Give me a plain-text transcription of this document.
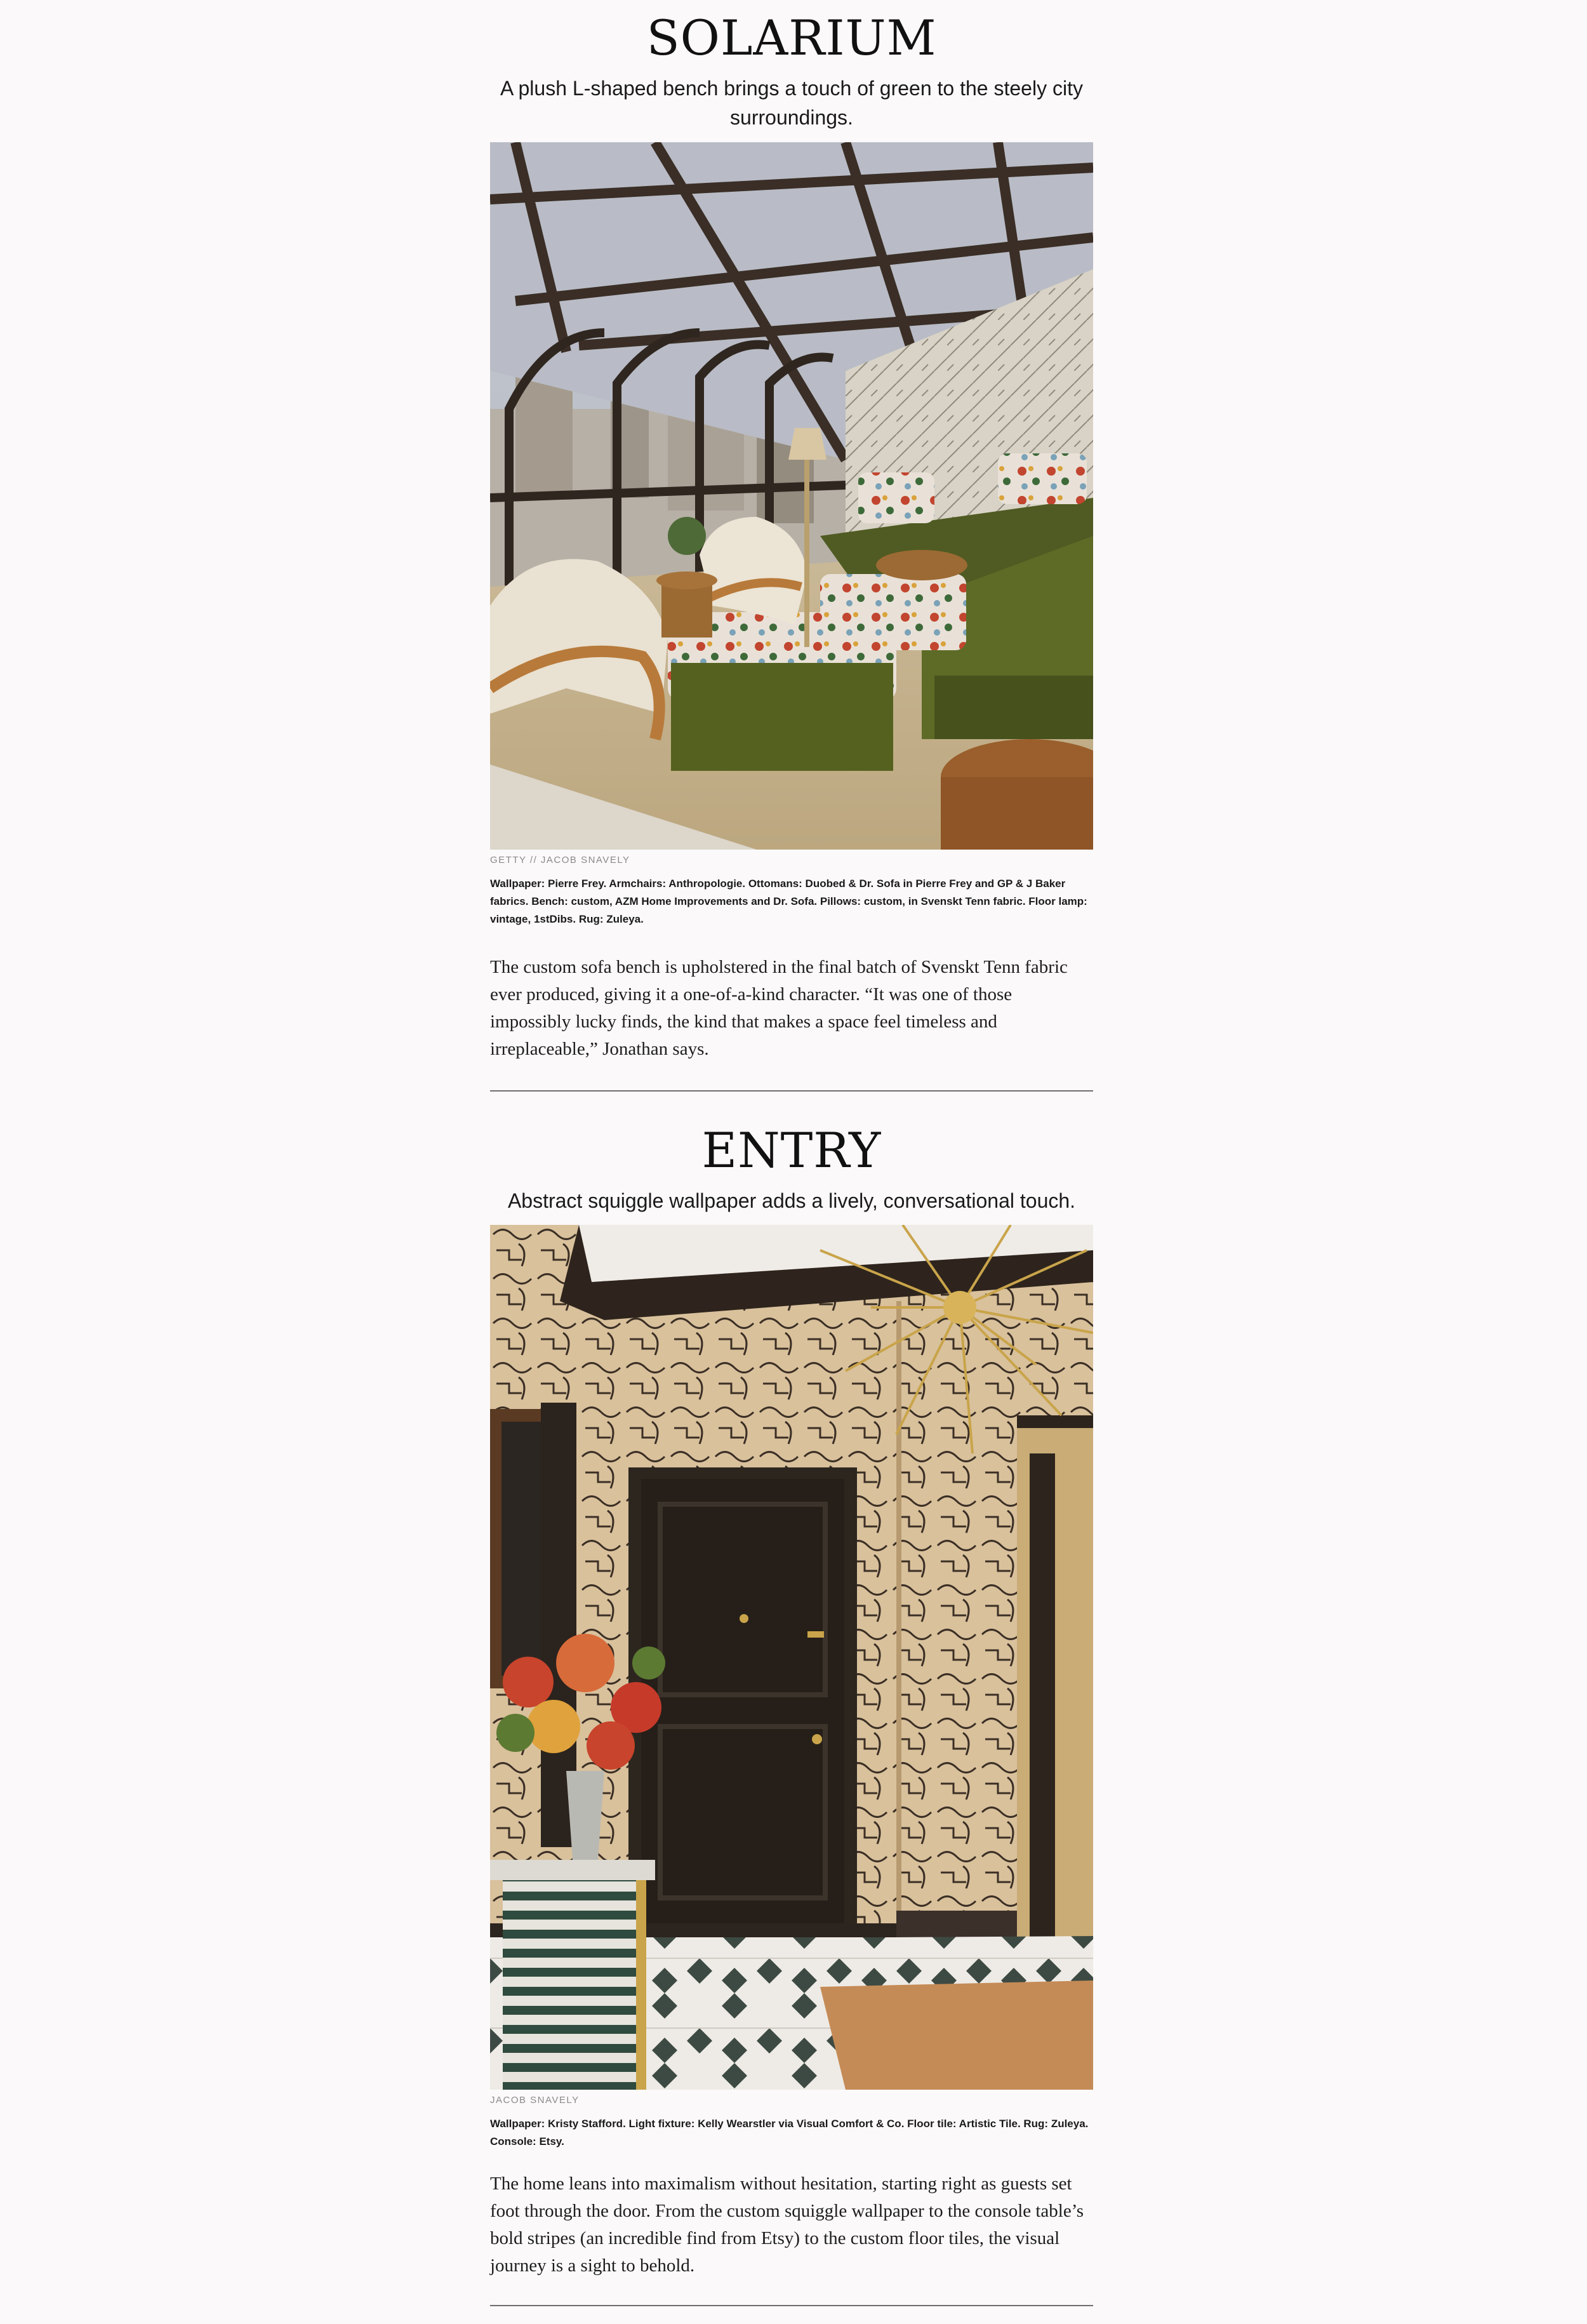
SOLARIUM

A plush L-shaped bench brings a touch of green to the steely city surroundings.

GETTY // JACOB SNAVELY

Wallpaper: Pierre Frey. Armchairs: Anthropologie. Ottomans: Duobed & Dr. Sofa in Pierre Frey and GP & J Baker fabrics. Bench: custom, AZM Home Improvements and Dr. Sofa. Pillows: custom, in Svenskt Tenn fabric. Floor lamp: vintage, 1stDibs. Rug: Zuleya.

The custom sofa bench is upholstered in the final batch of Svenskt Tenn fabric ever produced, giving it a one-of-a-kind character. “It was one of those impossibly lucky finds, the kind that makes a space feel timeless and irreplaceable,” Jonathan says.

ENTRY

Abstract squiggle wallpaper adds a lively, conversational touch.

JACOB SNAVELY

Wallpaper: Kristy Stafford. Light fixture: Kelly Wearstler via Visual Comfort & Co. Floor tile: Artistic Tile. Rug: Zuleya. Console: Etsy.

The home leans into maximalism without hesitation, starting right as guests set foot through the door. From the custom squiggle wallpaper to the console table’s bold stripes (an incredible find from Etsy) to the custom floor tiles, the visual journey is a sight to behold.
